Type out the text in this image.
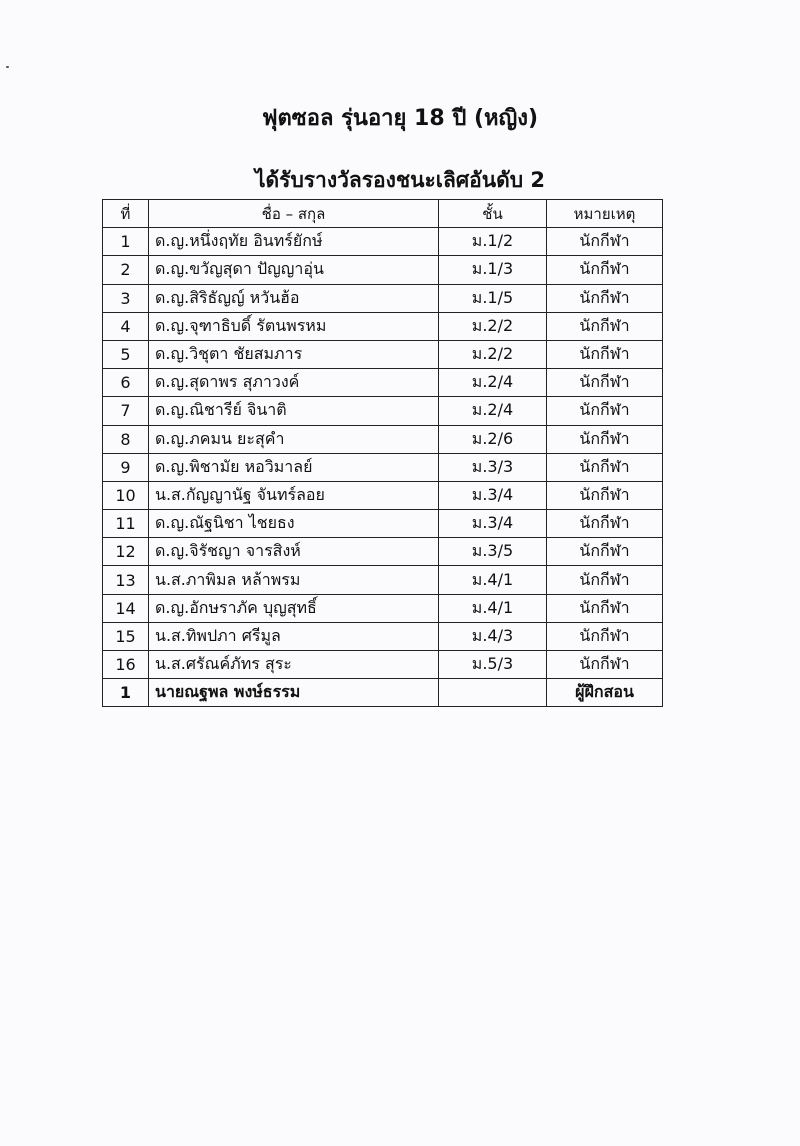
ฟุตซอล รุ่นอายุ 18 ปี (หญิง)
ได้รับรางวัลรองชนะเลิศอันดับ 2
ที่	ชื่อ – สกุล	ชั้น	หมายเหตุ
1	ด.ญ.หนึ่งฤทัย อินทร์ยักษ์	ม.1/2	นักกีฬา
2	ด.ญ.ขวัญสุดา ปัญญาอุ่น	ม.1/3	นักกีฬา
3	ด.ญ.สิริธัญญ์ หวันฮ้อ	ม.1/5	นักกีฬา
4	ด.ญ.จุฑาธิบดิ์ รัตนพรหม	ม.2/2	นักกีฬา
5	ด.ญ.วิชุตา ชัยสมภาร	ม.2/2	นักกีฬา
6	ด.ญ.สุดาพร สุภาวงค์	ม.2/4	นักกีฬา
7	ด.ญ.ณิชารีย์ จินาติ	ม.2/4	นักกีฬา
8	ด.ญ.ภคมน ยะสุคำ	ม.2/6	นักกีฬา
9	ด.ญ.พิชามัย หอวิมาลย์	ม.3/3	นักกีฬา
10	น.ส.กัญญานัฐ จันทร์ลอย	ม.3/4	นักกีฬา
11	ด.ญ.ณัฐนิชา ไชยธง	ม.3/4	นักกีฬา
12	ด.ญ.จิรัชญา จารสิงห์	ม.3/5	นักกีฬา
13	น.ส.ภาพิมล หล้าพรม	ม.4/1	นักกีฬา
14	ด.ญ.อักษราภัค บุญสุทธิ์	ม.4/1	นักกีฬา
15	น.ส.ทิพปภา ศรีมูล	ม.4/3	นักกีฬา
16	น.ส.ศรัณค์ภัทร สุระ	ม.5/3	นักกีฬา
1	นายณฐพล พงษ์ธรรม		ผู้ฝึกสอน
